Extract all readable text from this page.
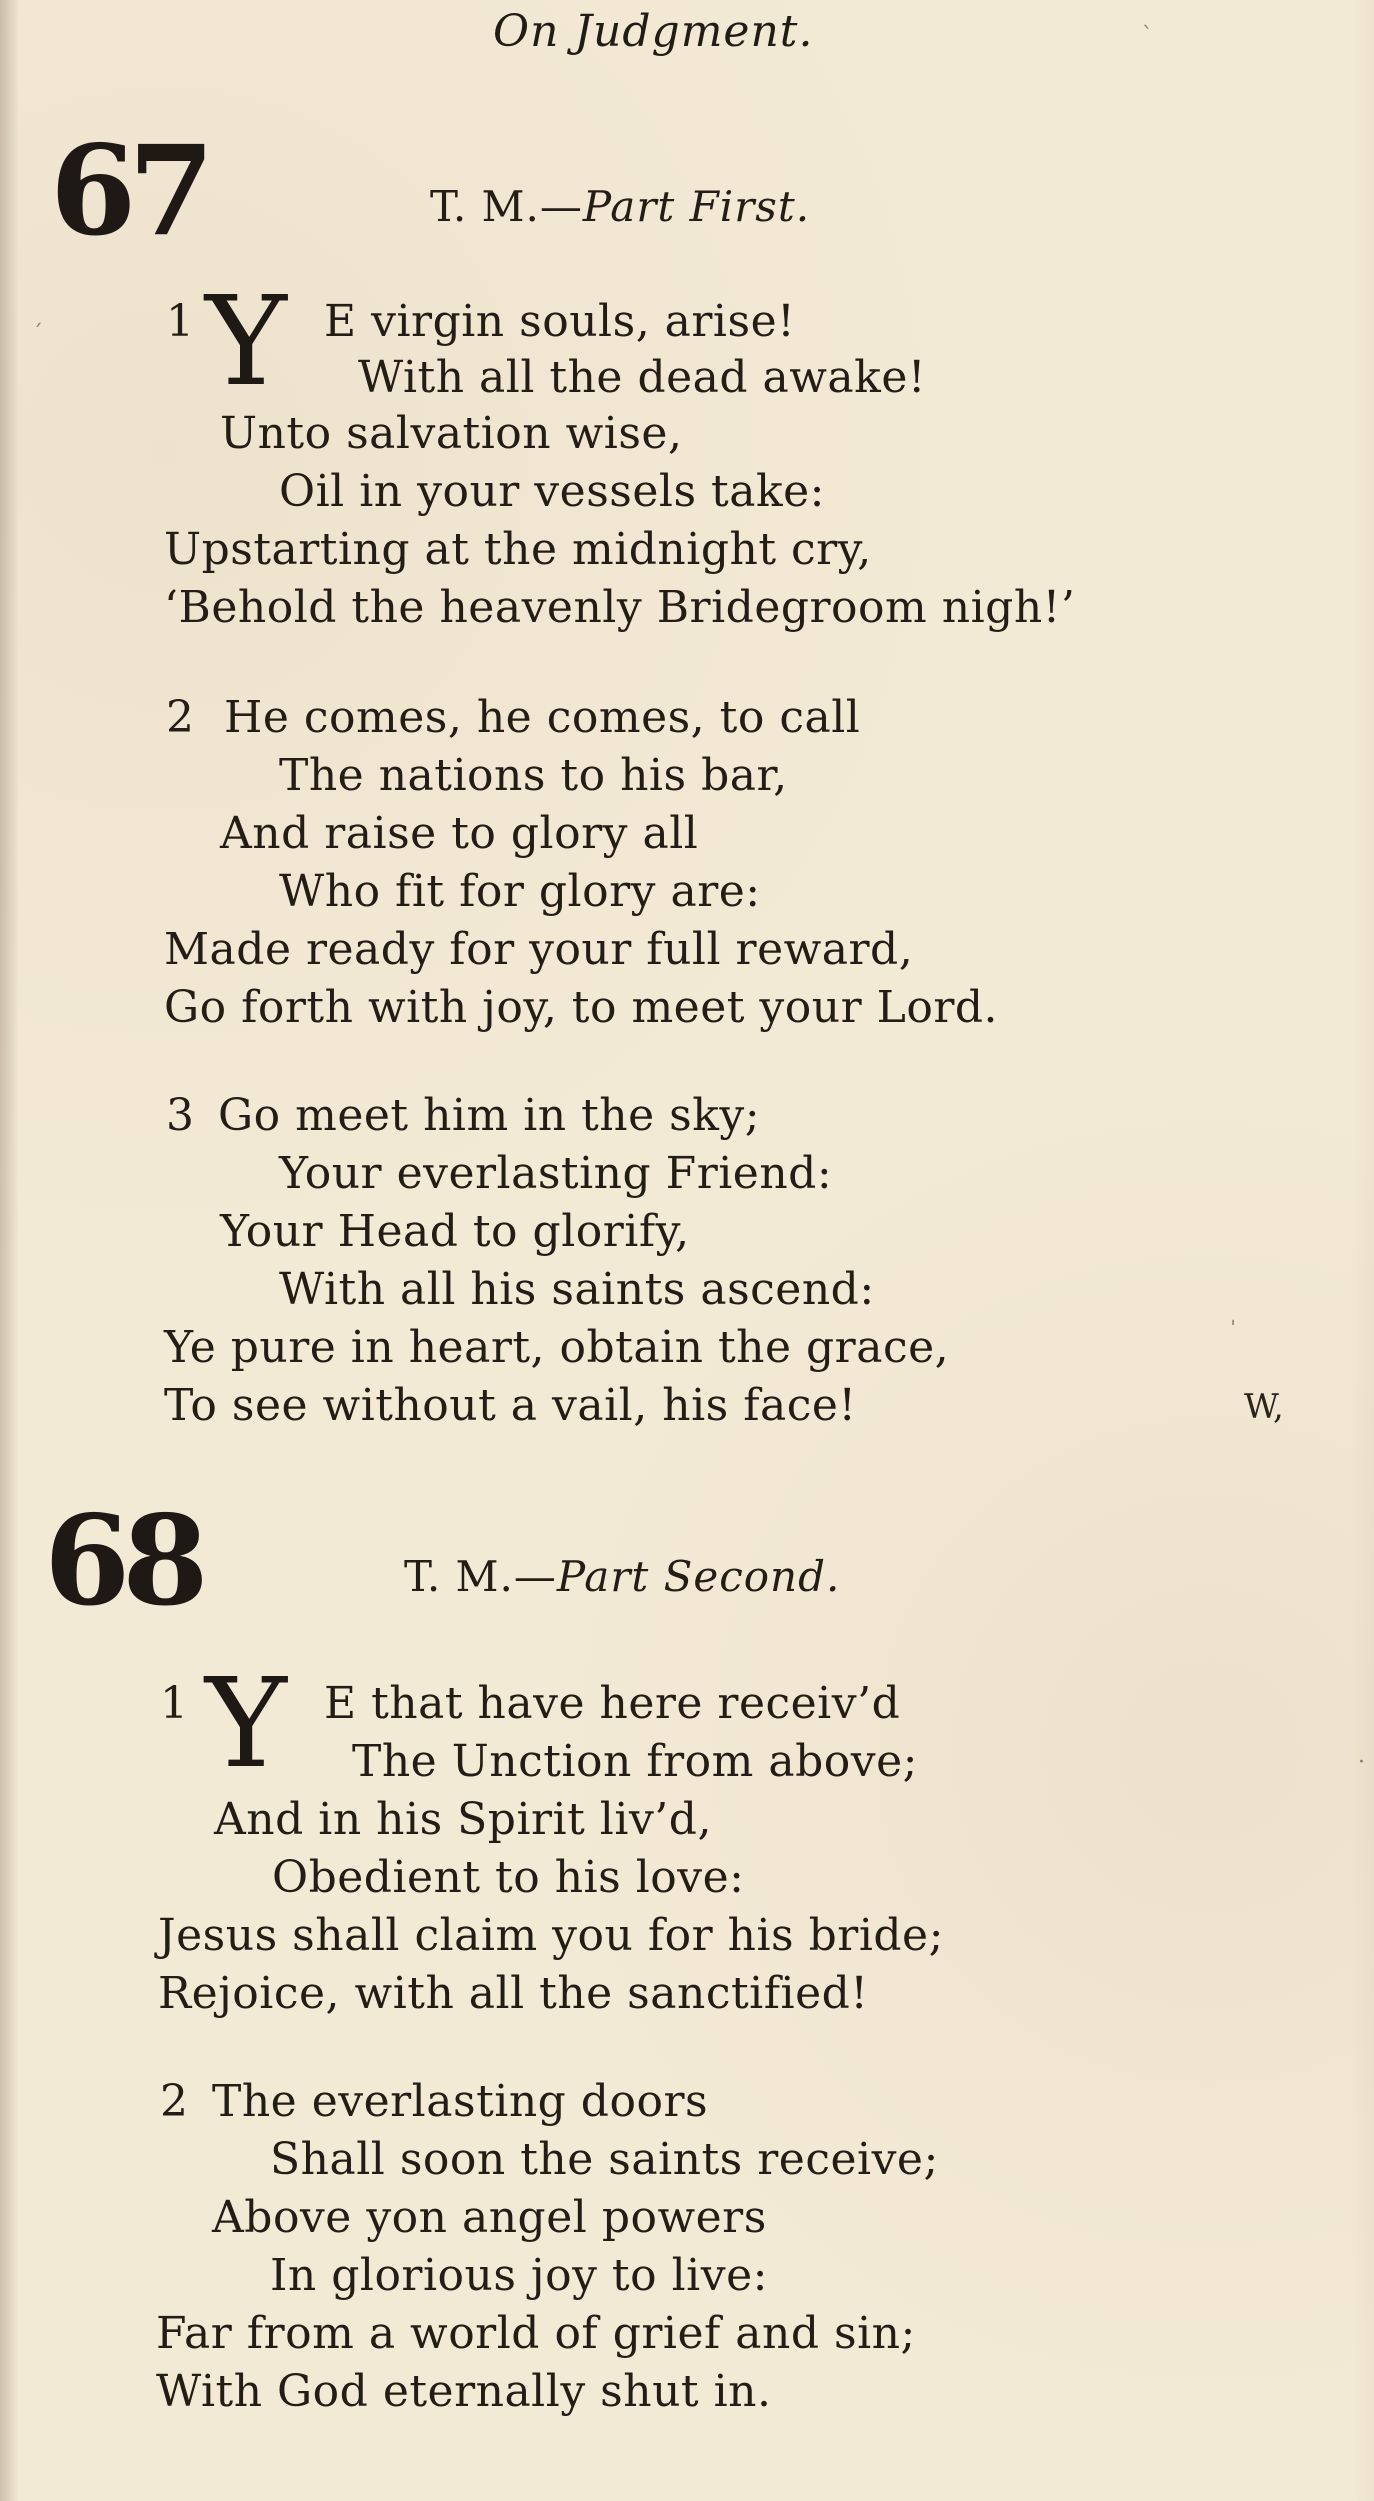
On Judgment.
67	T. M.—Part First.
1 Y E virgin souls, arise!
With all the dead awake!
Unto salvation wise,
Oil in your vessels take:
Upstarting at the midnight cry,
‘Behold the heavenly Bridegroom nigh!’
2 He comes, he comes, to call
The nations to his bar,
And raise to glory all
Who fit for glory are:
Made ready for your full reward,
Go forth with joy, to meet your Lord.
3 Go meet him in the sky;
Your everlasting Friend:
Your Head to glorify,
With all his saints ascend:
Ye pure in heart, obtain the grace,
To see without a vail, his face!	W,
68	T. M.—Part Second.
1 Y E that have here receiv’d
The Unction from above;
And in his Spirit liv’d,
Obedient to his love:
Jesus shall claim you for his bride;
Rejoice, with all the sanctified!
2 The everlasting doors
Shall soon the saints receive;
Above yon angel powers
In glorious joy to live:
Far from a world of grief and sin;
With God eternally shut in.
ˋ
ˊ
ˈ
·
